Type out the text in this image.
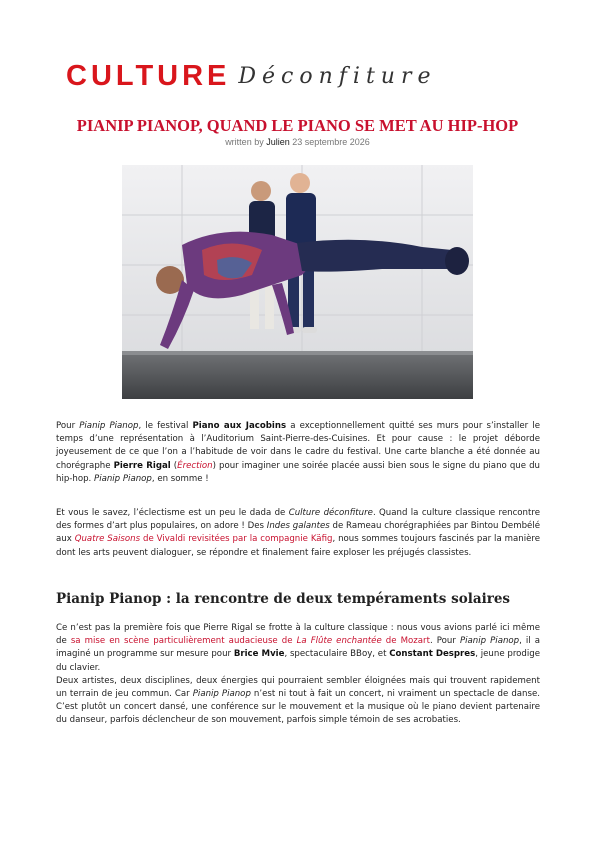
CULTURE Déconfiture
PIANIP PIANOP, QUAND LE PIANO SE MET AU HIP-HOP
written by Julien 23 septembre 2026

Pour Pianip Pianop, le festival Piano aux Jacobins a exceptionnellement quitté ses murs pour s’installer le temps d’une représentation à l’Auditorium Saint-Pierre-des-Cuisines. Et pour cause : le projet déborde joyeusement de ce que l’on a l’habitude de voir dans le cadre du festival. Une carte blanche a été donnée au chorégraphe Pierre Rigal (Érection) pour imaginer une soirée placée aussi bien sous le signe du piano que du hip-hop. Pianip Pianop, en somme !

Et vous le savez, l’éclectisme est un peu le dada de Culture déconfiture. Quand la culture classique rencontre des formes d’art plus populaires, on adore ! Des Indes galantes de Rameau chorégraphiées par Bintou Dembélé aux Quatre Saisons de Vivaldi revisitées par la compagnie Käfig, nous sommes toujours fascinés par la manière dont les arts peuvent dialoguer, se répondre et finalement faire exploser les préjugés classistes.

Pianip Pianop : la rencontre de deux tempéraments solaires

Ce n’est pas la première fois que Pierre Rigal se frotte à la culture classique : nous vous avions parlé ici même de sa mise en scène particulièrement audacieuse de La Flûte enchantée de Mozart. Pour Pianip Pianop, il a imaginé un programme sur mesure pour Brice Mvie, spectaculaire BBoy, et Constant Despres, jeune prodige du clavier.
Deux artistes, deux disciplines, deux énergies qui pourraient sembler éloignées mais qui trouvent rapidement un terrain de jeu commun. Car Pianip Pianop n’est ni tout à fait un concert, ni vraiment un spectacle de danse. C’est plutôt un concert dansé, une conférence sur le mouvement et la musique où le piano devient partenaire du danseur, parfois déclencheur de son mouvement, parfois simple témoin de ses acrobaties.
